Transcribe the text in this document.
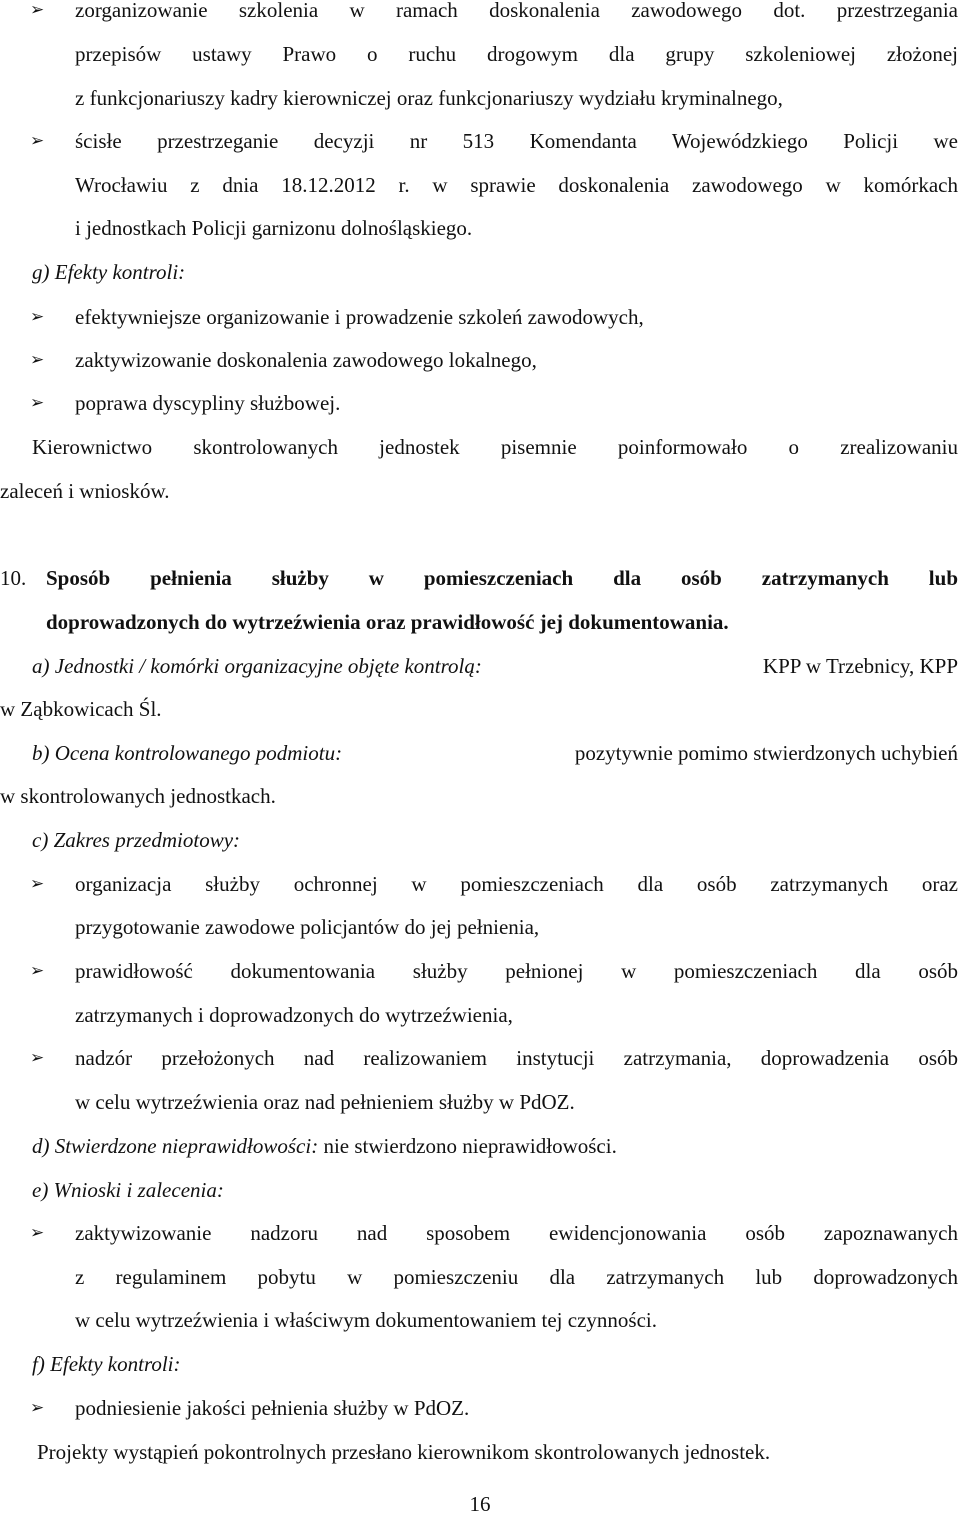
➢ zorganizowanie szkolenia w ramach doskonalenia zawodowego dot. przestrzegania
przepisów ustawy Prawo o ruchu drogowym dla grupy szkoleniowej złożonej
z funkcjonariuszy kadry kierowniczej oraz funkcjonariuszy wydziału kryminalnego,
➢ ścisłe przestrzeganie decyzji nr 513 Komendanta Wojewódzkiego Policji we
Wrocławiu z dnia 18.12.2012 r. w sprawie doskonalenia zawodowego w komórkach
i jednostkach Policji garnizonu dolnośląskiego.
g) Efekty kontroli:
➢ efektywniejsze organizowanie i prowadzenie szkoleń zawodowych,
➢ zaktywizowanie doskonalenia zawodowego lokalnego,
➢ poprawa dyscypliny służbowej.
Kierownictwo skontrolowanych jednostek pisemnie poinformowało o zrealizowaniu
zaleceń i wniosków.
10. Sposób pełnienia służby w pomieszczeniach dla osób zatrzymanych lub
doprowadzonych do wytrzeźwienia oraz prawidłowość jej dokumentowania.
a) Jednostki / komórki organizacyjne objęte kontrolą:	KPP w Trzebnicy, KPP
w Ząbkowicach Śl.
b) Ocena kontrolowanego podmiotu:	pozytywnie pomimo stwierdzonych uchybień
w skontrolowanych jednostkach.
c) Zakres przedmiotowy:
➢ organizacja służby ochronnej w pomieszczeniach dla osób zatrzymanych oraz
przygotowanie zawodowe policjantów do jej pełnienia,
➢ prawidłowość dokumentowania służby pełnionej w pomieszczeniach dla osób
zatrzymanych i doprowadzonych do wytrzeźwienia,
➢ nadzór przełożonych nad realizowaniem instytucji zatrzymania, doprowadzenia osób
w celu wytrzeźwienia oraz nad pełnieniem służby w PdOZ.
d) Stwierdzone nieprawidłowości: nie stwierdzono nieprawidłowości.
e) Wnioski i zalecenia:
➢ zaktywizowanie nadzoru nad sposobem ewidencjonowania osób zapoznawanych
z regulaminem pobytu w pomieszczeniu dla zatrzymanych lub doprowadzonych
w celu wytrzeźwienia i właściwym dokumentowaniem tej czynności.
f) Efekty kontroli:
➢ podniesienie jakości pełnienia służby w PdOZ.
Projekty wystąpień pokontrolnych przesłano kierownikom skontrolowanych jednostek.
16
